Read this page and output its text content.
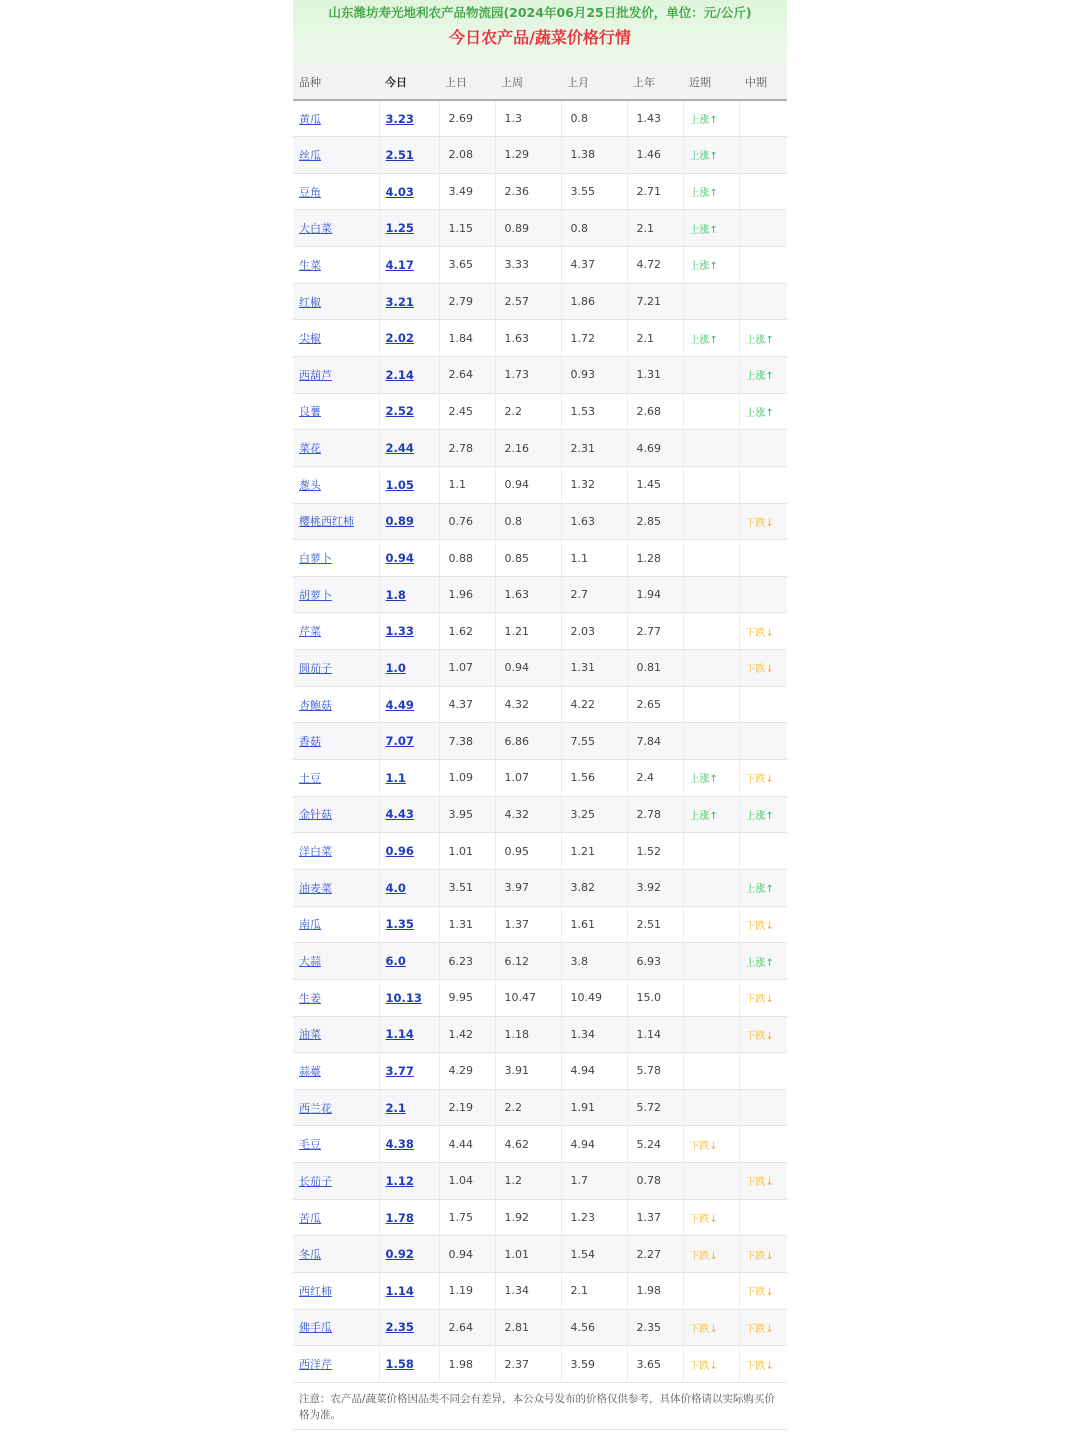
山东潍坊寿光地利农产品物流园(2024年06月25日批发价，单位：元/公斤)
今日农产品/蔬菜价格行情
品种	今日	上日	上周	上月	上年	近期	中期
黄瓜	3.23	2.69	1.3	0.8	1.43	上涨↑	
丝瓜	2.51	2.08	1.29	1.38	1.46	上涨↑	
豆角	4.03	3.49	2.36	3.55	2.71	上涨↑	
大白菜	1.25	1.15	0.89	0.8	2.1	上涨↑	
生菜	4.17	3.65	3.33	4.37	4.72	上涨↑	
红椒	3.21	2.79	2.57	1.86	7.21		
尖椒	2.02	1.84	1.63	1.72	2.1	上涨↑	上涨↑
西葫芦	2.14	2.64	1.73	0.93	1.31		上涨↑
良薯	2.52	2.45	2.2	1.53	2.68		上涨↑
菜花	2.44	2.78	2.16	2.31	4.69		
葱头	1.05	1.1	0.94	1.32	1.45		
樱桃西红柿	0.89	0.76	0.8	1.63	2.85		下跌↓
白萝卜	0.94	0.88	0.85	1.1	1.28		
胡萝卜	1.8	1.96	1.63	2.7	1.94		
芹菜	1.33	1.62	1.21	2.03	2.77		下跌↓
圆茄子	1.0	1.07	0.94	1.31	0.81		下跌↓
杏鲍菇	4.49	4.37	4.32	4.22	2.65		
香菇	7.07	7.38	6.86	7.55	7.84		
土豆	1.1	1.09	1.07	1.56	2.4	上涨↑	下跌↓
金针菇	4.43	3.95	4.32	3.25	2.78	上涨↑	上涨↑
洋白菜	0.96	1.01	0.95	1.21	1.52		
油麦菜	4.0	3.51	3.97	3.82	3.92		上涨↑
南瓜	1.35	1.31	1.37	1.61	2.51		下跌↓
大蒜	6.0	6.23	6.12	3.8	6.93		上涨↑
生姜	10.13	9.95	10.47	10.49	15.0		下跌↓
油菜	1.14	1.42	1.18	1.34	1.14		下跌↓
蒜薹	3.77	4.29	3.91	4.94	5.78		
西兰花	2.1	2.19	2.2	1.91	5.72		
毛豆	4.38	4.44	4.62	4.94	5.24	下跌↓	
长茄子	1.12	1.04	1.2	1.7	0.78		下跌↓
苦瓜	1.78	1.75	1.92	1.23	1.37	下跌↓	
冬瓜	0.92	0.94	1.01	1.54	2.27	下跌↓	下跌↓
西红柿	1.14	1.19	1.34	2.1	1.98		下跌↓
佛手瓜	2.35	2.64	2.81	4.56	2.35	下跌↓	下跌↓
西洋芹	1.58	1.98	2.37	3.59	3.65	下跌↓	下跌↓
注意：农产品/蔬菜价格因品类不同会有差异，本公众号发布的价格仅供参考，具体价格请以实际购买价格为准。
